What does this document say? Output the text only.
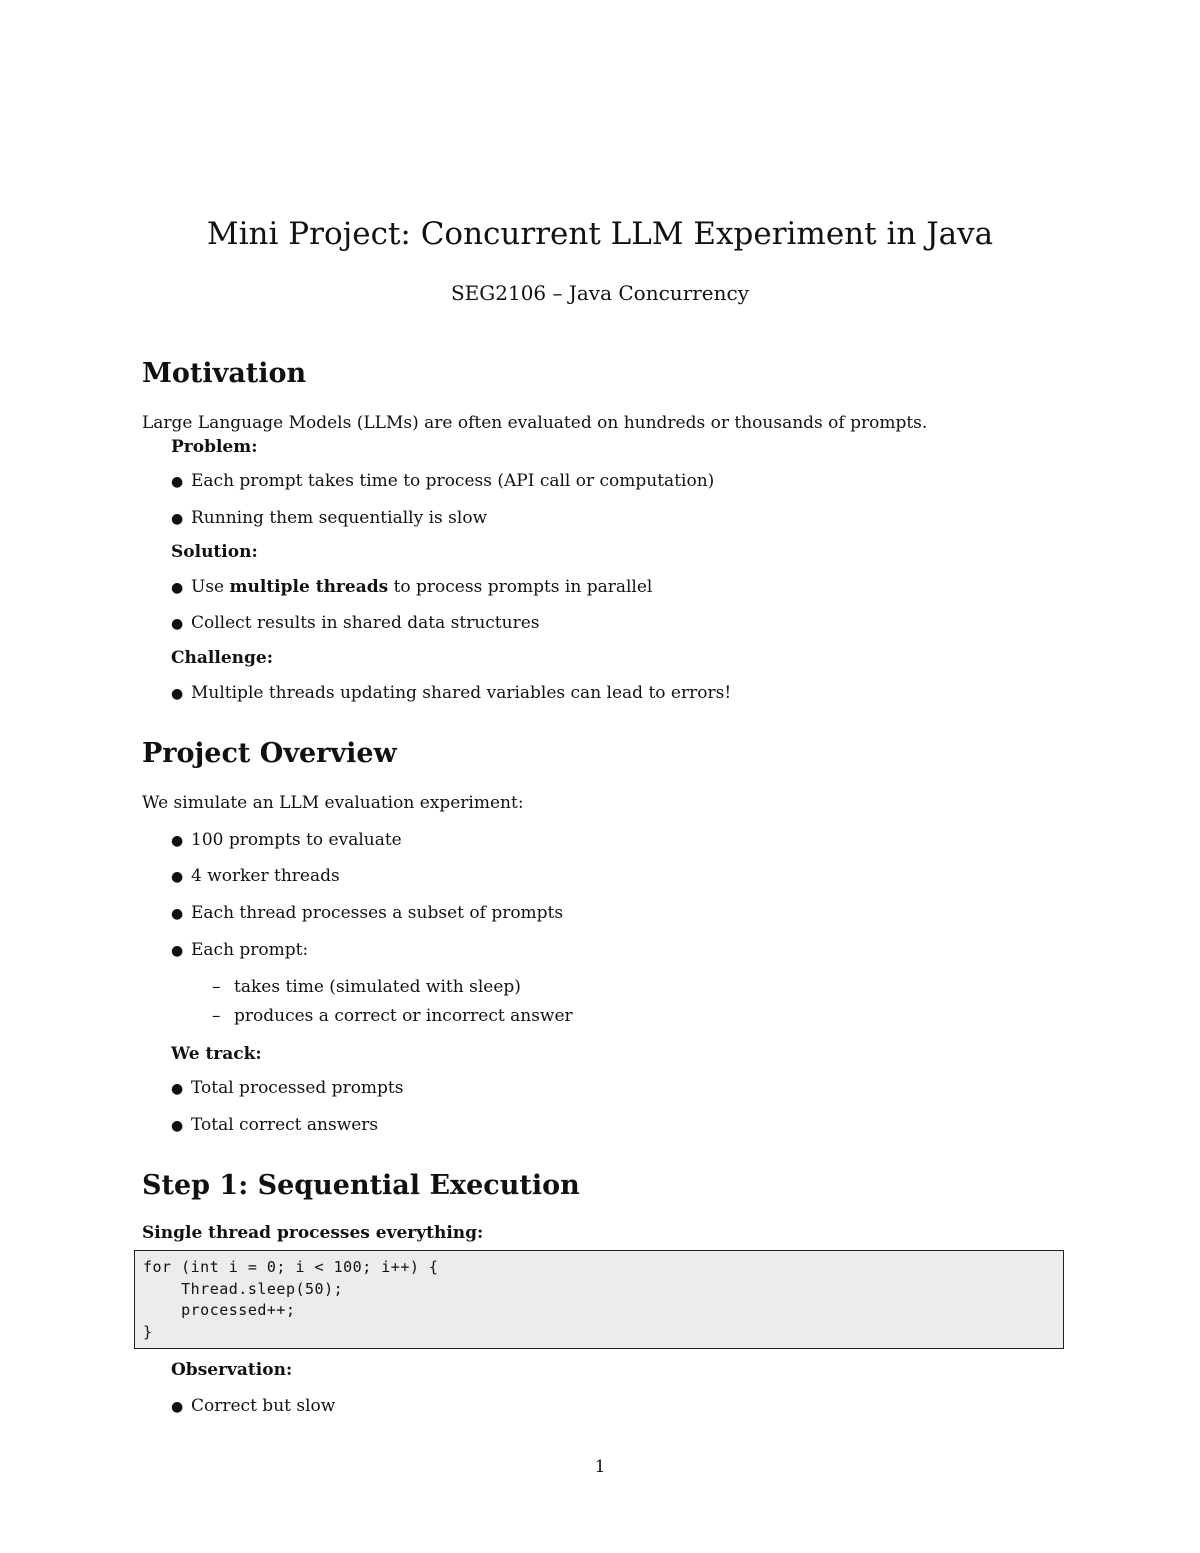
Mini Project: Concurrent LLM Experiment in Java
SEG2106 – Java Concurrency
Motivation
Large Language Models (LLMs) are often evaluated on hundreds or thousands of prompts.
Problem:
● Each prompt takes time to process (API call or computation)
● Running them sequentially is slow
Solution:
● Use multiple threads to process prompts in parallel
● Collect results in shared data structures
Challenge:
● Multiple threads updating shared variables can lead to errors!
Project Overview
We simulate an LLM evaluation experiment:
● 100 prompts to evaluate
● 4 worker threads
● Each thread processes a subset of prompts
● Each prompt:
– takes time (simulated with sleep)
– produces a correct or incorrect answer
We track:
● Total processed prompts
● Total correct answers
Step 1: Sequential Execution
Single thread processes everything:
for (int i = 0; i < 100; i++) {
Thread.sleep(50);
processed++;
}
Observation:
● Correct but slow
1
